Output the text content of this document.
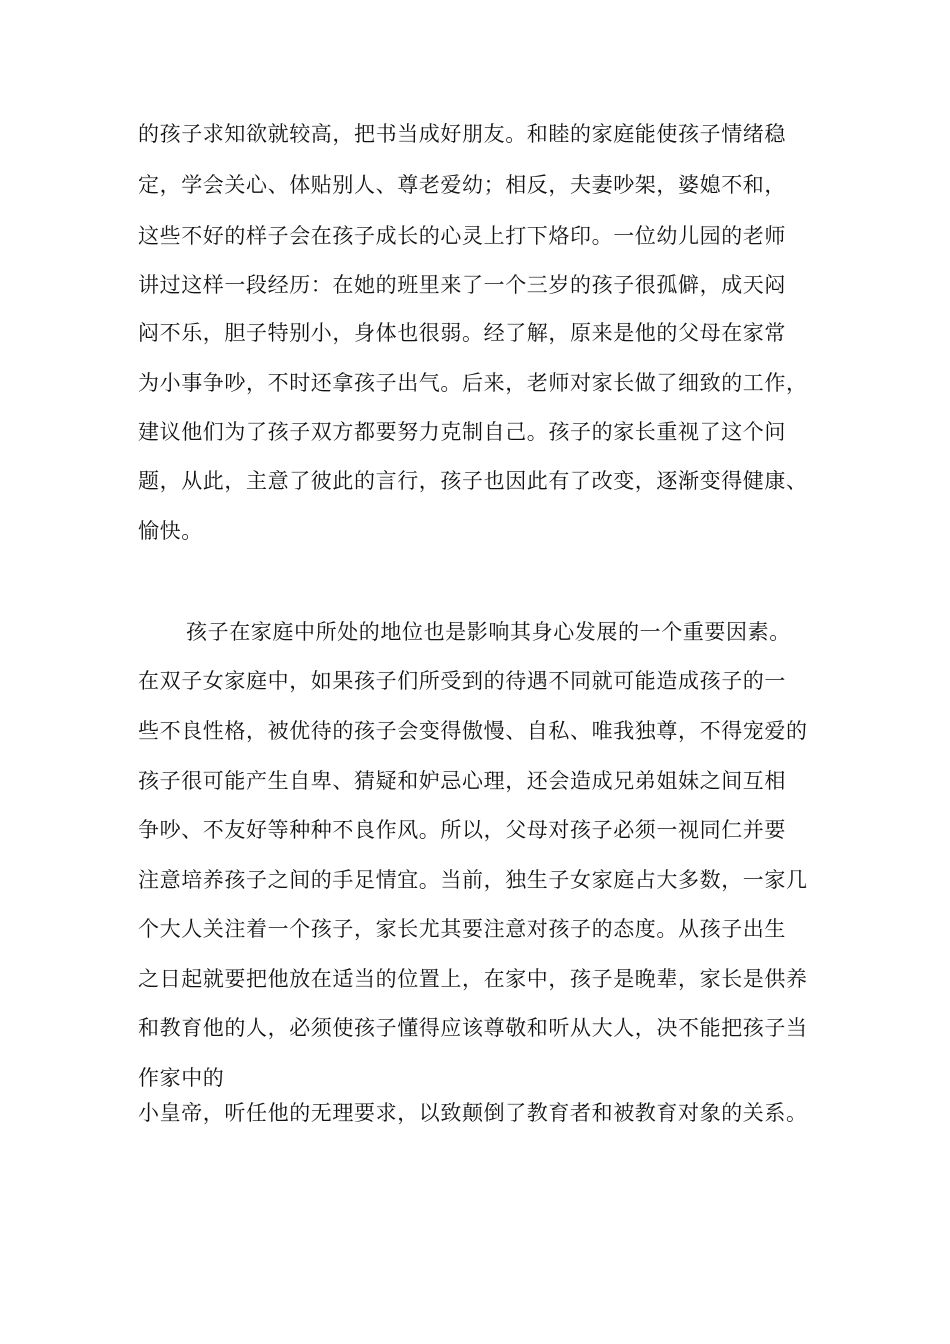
的孩子求知欲就较高，把书当成好朋友。和睦的家庭能使孩子情绪稳
定，学会关心、体贴别人、尊老爱幼；相反，夫妻吵架，婆媳不和，
这些不好的样子会在孩子成长的心灵上打下烙印。一位幼儿园的老师
讲过这样一段经历：在她的班里来了一个三岁的孩子很孤僻，成天闷
闷不乐，胆子特别小，身体也很弱。经了解，原来是他的父母在家常
为小事争吵，不时还拿孩子出气。后来，老师对家长做了细致的工作，
建议他们为了孩子双方都要努力克制自己。孩子的家长重视了这个问
题，从此，主意了彼此的言行，孩子也因此有了改变，逐渐变得健康、
愉快。
孩子在家庭中所处的地位也是影响其身心发展的一个重要因素。
在双子女家庭中，如果孩子们所受到的待遇不同就可能造成孩子的一
些不良性格，被优待的孩子会变得傲慢、自私、唯我独尊，不得宠爱的
孩子很可能产生自卑、猜疑和妒忌心理，还会造成兄弟姐妹之间互相
争吵、不友好等种种不良作风。所以，父母对孩子必须一视同仁并要
注意培养孩子之间的手足情宜。当前，独生子女家庭占大多数，一家几
个大人关注着一个孩子，家长尤其要注意对孩子的态度。从孩子出生
之日起就要把他放在适当的位置上，在家中，孩子是晚辈，家长是供养
和教育他的人，必须使孩子懂得应该尊敬和听从大人，决不能把孩子当
作家中的
小皇帝，听任他的无理要求，以致颠倒了教育者和被教育对象的关系。
